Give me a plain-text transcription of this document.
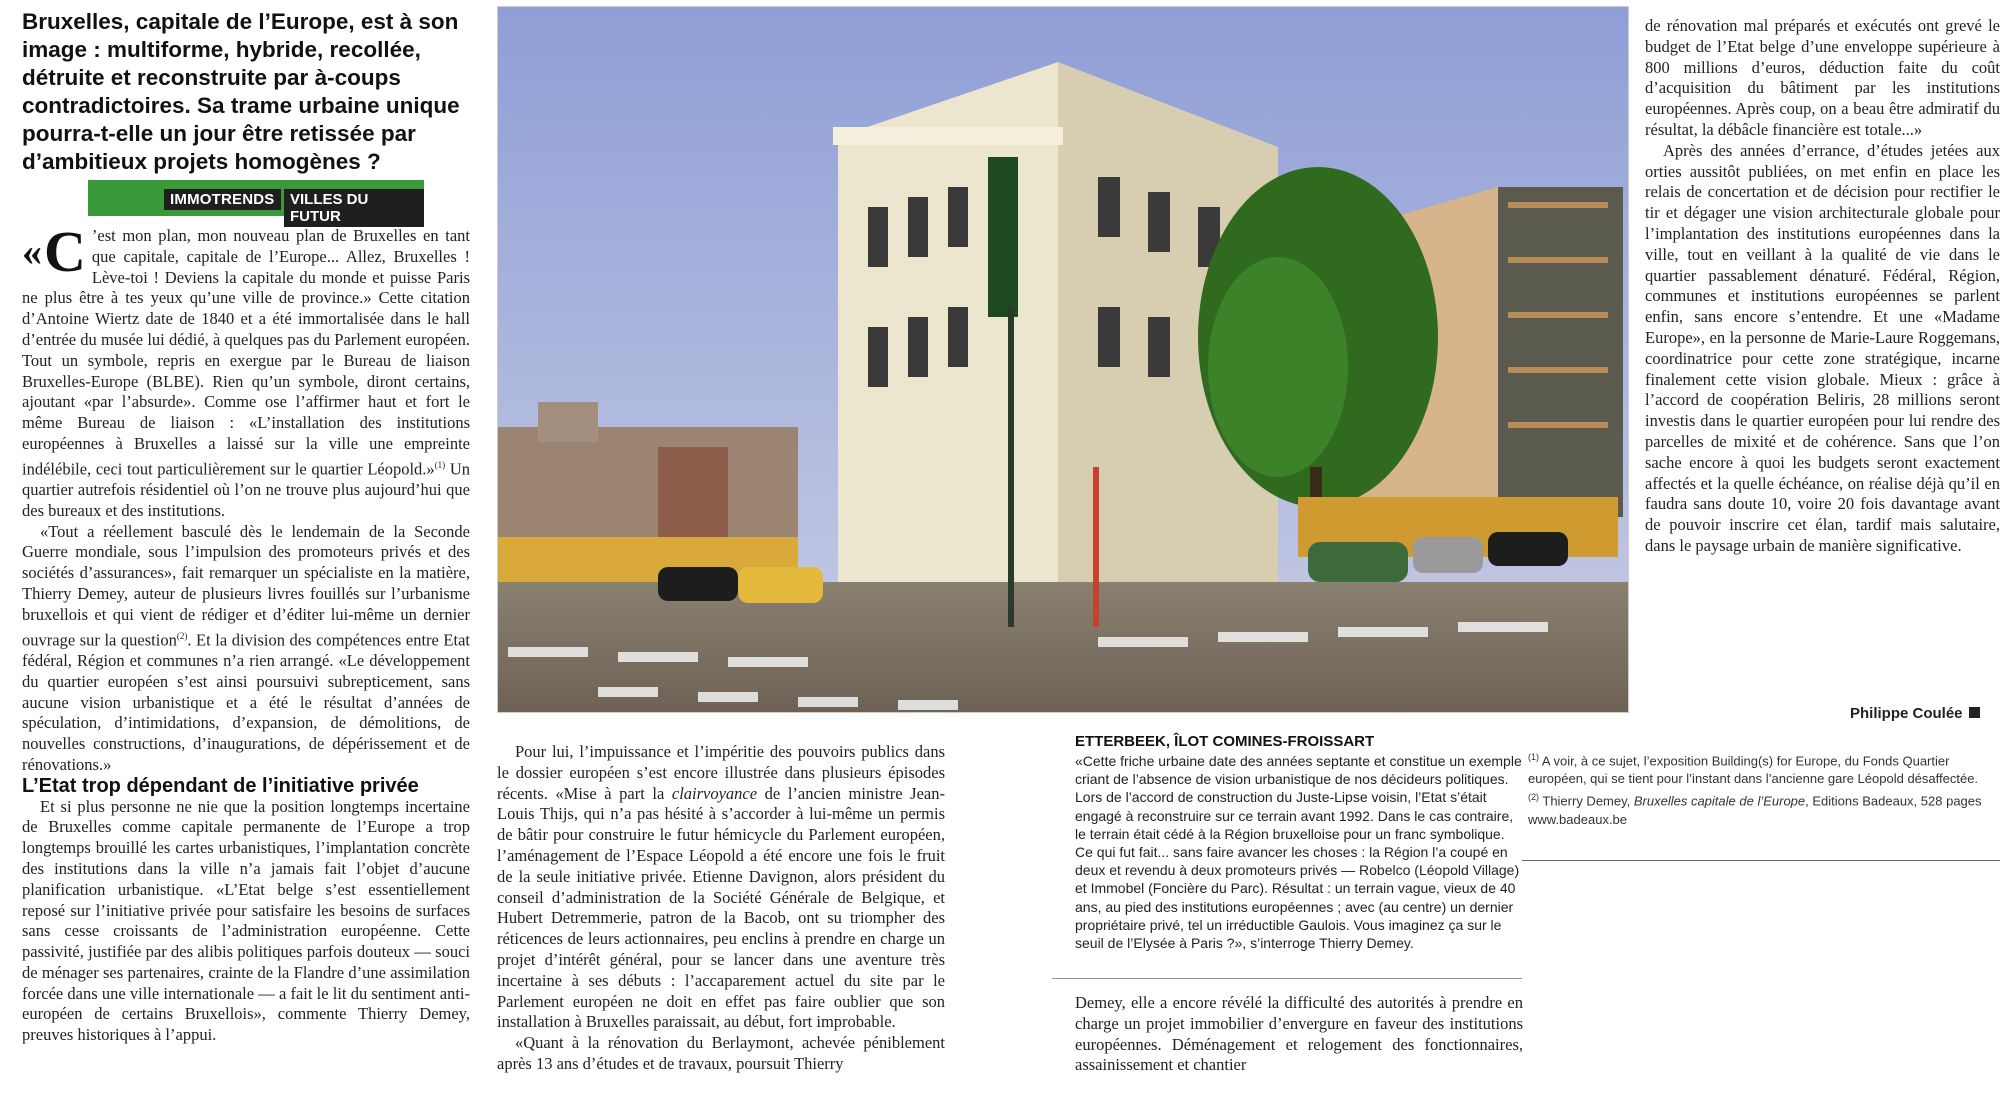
Bruxelles, capitale de l’Europe, est à son image : multiforme, hybride, recollée, détruite et reconstruite par à-coups contradictoires. Sa trame urbaine unique pourra-t-elle un jour être retissée par d’ambitieux projets homogènes ?
IMMOTRENDS	VILLES DU FUTUR

«C ’est mon plan, mon nouveau plan de Bruxelles en tant que capitale, capitale de l’Europe... Allez, Bruxelles ! Lève-toi ! Deviens la capitale du monde et puisse Paris ne plus être à tes yeux qu’une ville de province.» Cette citation d’Antoine Wiertz date de 1840 et a été immortalisée dans le hall d’entrée du musée lui dédié, à quelques pas du Parlement européen. Tout un symbole, repris en exergue par le Bureau de liaison Bruxelles-Europe (BLBE). Rien qu’un symbole, diront certains, ajoutant «par l’absurde». Comme ose l’affirmer haut et fort le même Bureau de liaison : «L’installation des institutions européennes à Bruxelles a laissé sur la ville une empreinte indélébile, ceci tout particulièrement sur le quartier Léopold.»$^{(1)}$ Un quartier autrefois résidentiel où l’on ne trouve plus aujourd’hui que des bureaux et des institutions.

«Tout a réellement basculé dès le lendemain de la Seconde Guerre mondiale, sous l’impulsion des promoteurs privés et des sociétés d’assurances», fait remarquer un spécialiste en la matière, Thierry Demey, auteur de plusieurs livres fouillés sur l’urbanisme bruxellois et qui vient de rédiger et d’éditer lui-même un dernier ouvrage sur la question$^{(2)}$. Et la division des compétences entre Etat fédéral, Région et communes n’a rien arrangé. «Le développement du quartier européen s’est ainsi poursuivi subrepticement, sans aucune vision urbanistique et a été le résultat d’années de spéculation, d’intimidations, d’expansion, de démolitions, de nouvelles constructions, d’inaugurations, de dépérissement et de rénovations.»

L’Etat trop dépendant de l’initiative privée

Et si plus personne ne nie que la position longtemps incertaine de Bruxelles comme capitale permanente de l’Europe a trop longtemps brouillé les cartes urbanistiques, l’implantation concrète des institutions dans la ville n’a jamais fait l’objet d’aucune planification urbanistique. «L’Etat belge s’est essentiellement reposé sur l’initiative privée pour satisfaire les besoins de surfaces sans cesse croissants de l’administration européenne. Cette passivité, justifiée par des alibis politiques parfois douteux — souci de ménager ses partenaires, crainte de la Flandre d’une assimilation forcée dans une ville internationale — a fait le lit du sentiment anti-européen de certains Bruxellois», commente Thierry Demey, preuves historiques à l’appui.

Philippe Coulée

Pour lui, l’impuissance et l’impéritie des pouvoirs publics dans le dossier européen s’est encore illustrée dans plusieurs épisodes récents. «Mise à part la clairvoyance de l’ancien ministre Jean-Louis Thijs, qui n’a pas hésité à s’accorder à lui-même un permis de bâtir pour construire le futur hémicycle du Parlement européen, l’aménagement de l’Espace Léopold a été encore une fois le fruit de la seule initiative privée. Etienne Davignon, alors président du conseil d’administration de la Société Générale de Belgique, et Hubert Detremmerie, patron de la Bacob, ont su triompher des réticences de leurs actionnaires, peu enclins à prendre en charge un projet d’intérêt général, pour se lancer dans une aventure très incertaine à ses débuts : l’accaparement actuel du site par le Parlement européen ne doit en effet pas faire oublier que son installation à Bruxelles paraissait, au début, fort improbable.

«Quant à la rénovation du Berlaymont, achevée péniblement après 13 ans d’études et de travaux, poursuit Thierry

ETTERBEEK, ÎLOT COMINES-FROISSART
«Cette friche urbaine date des années septante et constitue un exemple criant de l’absence de vision urbanistique de nos décideurs politiques. Lors de l’accord de construction du Juste-Lipse voisin, l’Etat s’était engagé à reconstruire sur ce terrain avant 1992. Dans le cas contraire, le terrain était cédé à la Région bruxelloise pour un franc symbolique. Ce qui fut fait... sans faire avancer les choses : la Région l’a coupé en deux et revendu à deux promoteurs privés — Robelco (Léopold Village) et Immobel (Foncière du Parc). Résultat : un terrain vague, vieux de 40 ans, au pied des institutions européennes ; avec (au centre) un dernier propriétaire privé, tel un irréductible Gaulois. Vous imaginez ça sur le seuil de l’Elysée à Paris ?», s’interroge Thierry Demey.

Demey, elle a encore révélé la difficulté des autorités à prendre en charge un projet immobilier d’envergure en faveur des institutions européennes. Déménagement et relogement des fonctionnaires, assainissement et chantier

de rénovation mal préparés et exécutés ont grevé le budget de l’Etat belge d’une enveloppe supérieure à 800 millions d’euros, déduction faite du coût d’acquisition du bâtiment par les institutions européennes. Après coup, on a beau être admiratif du résultat, la débâcle financière est totale...»

Après des années d’errance, d’études jetées aux orties aussitôt publiées, on met enfin en place les relais de concertation et de décision pour rectifier le tir et dégager une vision architecturale globale pour l’implantation des institutions européennes dans la ville, tout en veillant à la qualité de vie dans le quartier passablement dénaturé. Fédéral, Région, communes et institutions européennes se parlent enfin, sans encore s’entendre. Et une «Madame Europe», en la personne de Marie-Laure Roggemans, coordinatrice pour cette zone stratégique, incarne finalement cette vision globale. Mieux : grâce à l’accord de coopération Beliris, 28 millions seront investis dans le quartier européen pour lui rendre des parcelles de mixité et de cohérence. Sans que l’on sache encore à quoi les budgets seront exactement affectés et la quelle échéance, on réalise déjà qu’il en faudra sans doute 10, voire 20 fois davantage avant de pouvoir inscrire cet élan, tardif mais salutaire, dans le paysage urbain de manière significative.

$^{(1)}$ A voir, à ce sujet, l’exposition Building(s) for Europe, du Fonds Quartier européen, qui se tient pour l’instant dans l’ancienne gare Léopold désaffectée.
$^{(2)}$ Thierry Demey, Bruxelles capitale de l’Europe, Editions Badeaux, 528 pages
www.badeaux.be
